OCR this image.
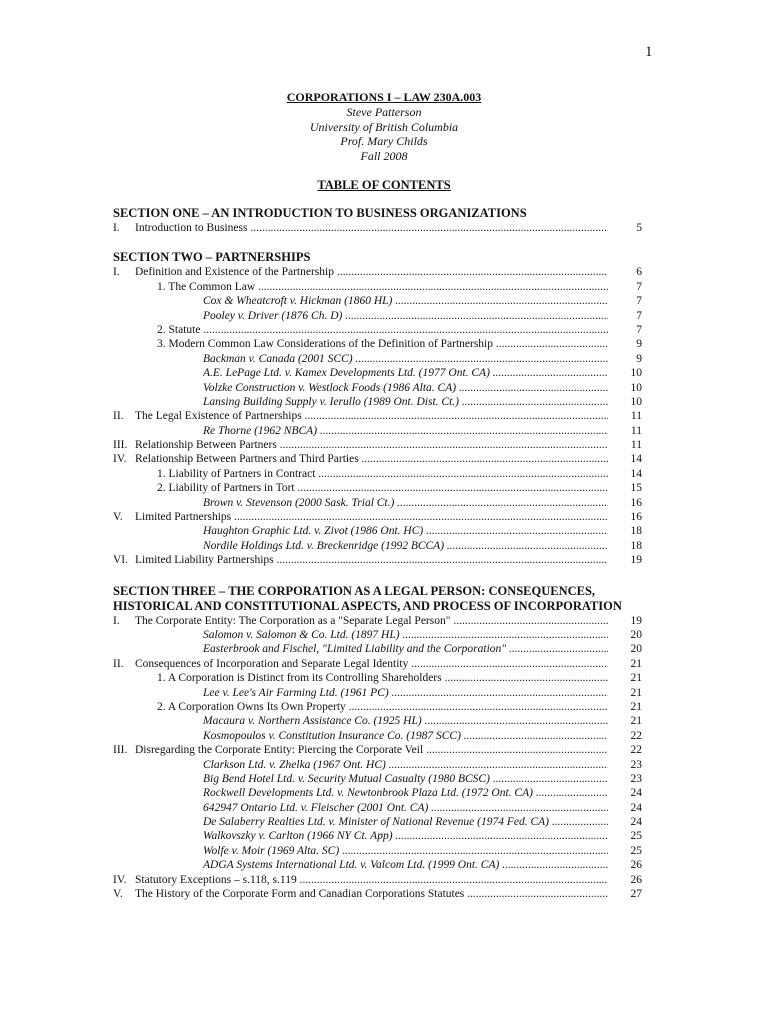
1
CORPORATIONS I – LAW 230A.003
Steve Patterson
University of British Columbia
Prof. Mary Childs
Fall 2008
TABLE OF CONTENTS
SECTION ONE – AN INTRODUCTION TO BUSINESS ORGANIZATIONS
I. Introduction to Business .....	5
SECTION TWO – PARTNERSHIPS
I. Definition and Existence of the Partnership .....	6
1. The Common Law .....	7
Cox & Wheatcroft v. Hickman (1860 HL) .....	7
Pooley v. Driver (1876 Ch. D) .....	7
2. Statute .....	7
3. Modern Common Law Considerations of the Definition of Partnership .....	9
Backman v. Canada (2001 SCC) .....	9
A.E. LePage Ltd. v. Kamex Developments Ltd. (1977 Ont. CA) .....	10
Volzke Construction v. Westlock Foods (1986 Alta. CA) .....	10
Lansing Building Supply v. Ierullo (1989 Ont. Dist. Ct.) .....	10
II. The Legal Existence of Partnerships .....	11
Re Thorne (1962 NBCA) .....	11
III. Relationship Between Partners .....	11
IV. Relationship Between Partners and Third Parties .....	14
1. Liability of Partners in Contract .....	14
2. Liability of Partners in Tort .....	15
Brown v. Stevenson (2000 Sask. Trial Ct.) .....	16
V. Limited Partnerships .....	16
Haughton Graphic Ltd. v. Zivot (1986 Ont. HC) .....	18
Nordile Holdings Ltd. v. Breckenridge (1992 BCCA) .....	18
VI. Limited Liability Partnerships .....	19
SECTION THREE – THE CORPORATION AS A LEGAL PERSON: CONSEQUENCES, HISTORICAL AND CONSTITUTIONAL ASPECTS, AND PROCESS OF INCORPORATION
I. The Corporate Entity: The Corporation as a "Separate Legal Person" .....	19
Salomon v. Salomon & Co. Ltd. (1897 HL) .....	20
Easterbrook and Fischel, "Limited Liability and the Corporation" .....	20
II. Consequences of Incorporation and Separate Legal Identity .....	21
1. A Corporation is Distinct from its Controlling Shareholders .....	21
Lee v. Lee's Air Farming Ltd. (1961 PC) .....	21
2. A Corporation Owns Its Own Property .....	21
Macaura v. Northern Assistance Co. (1925 HL) .....	21
Kosmopoulos v. Constitution Insurance Co. (1987 SCC) .....	22
III. Disregarding the Corporate Entity: Piercing the Corporate Veil .....	22
Clarkson Ltd. v. Zhelka (1967 Ont. HC) .....	23
Big Bend Hotel Ltd. v. Security Mutual Casualty (1980 BCSC) .....	23
Rockwell Developments Ltd. v. Newtonbrook Plaza Ltd. (1972 Ont. CA) .....	24
642947 Ontario Ltd. v. Fleischer (2001 Ont. CA) .....	24
De Salaberry Realties Ltd. v. Minister of National Revenue (1974 Fed. CA) .....	24
Walkovszky v. Carlton (1966 NY Ct. App) .....	25
Wolfe v. Moir (1969 Alta. SC) .....	25
ADGA Systems International Ltd. v. Valcom Ltd. (1999 Ont. CA) .....	26
IV. Statutory Exceptions – s.118, s.119 .....	26
V. The History of the Corporate Form and Canadian Corporations Statutes .....	27
